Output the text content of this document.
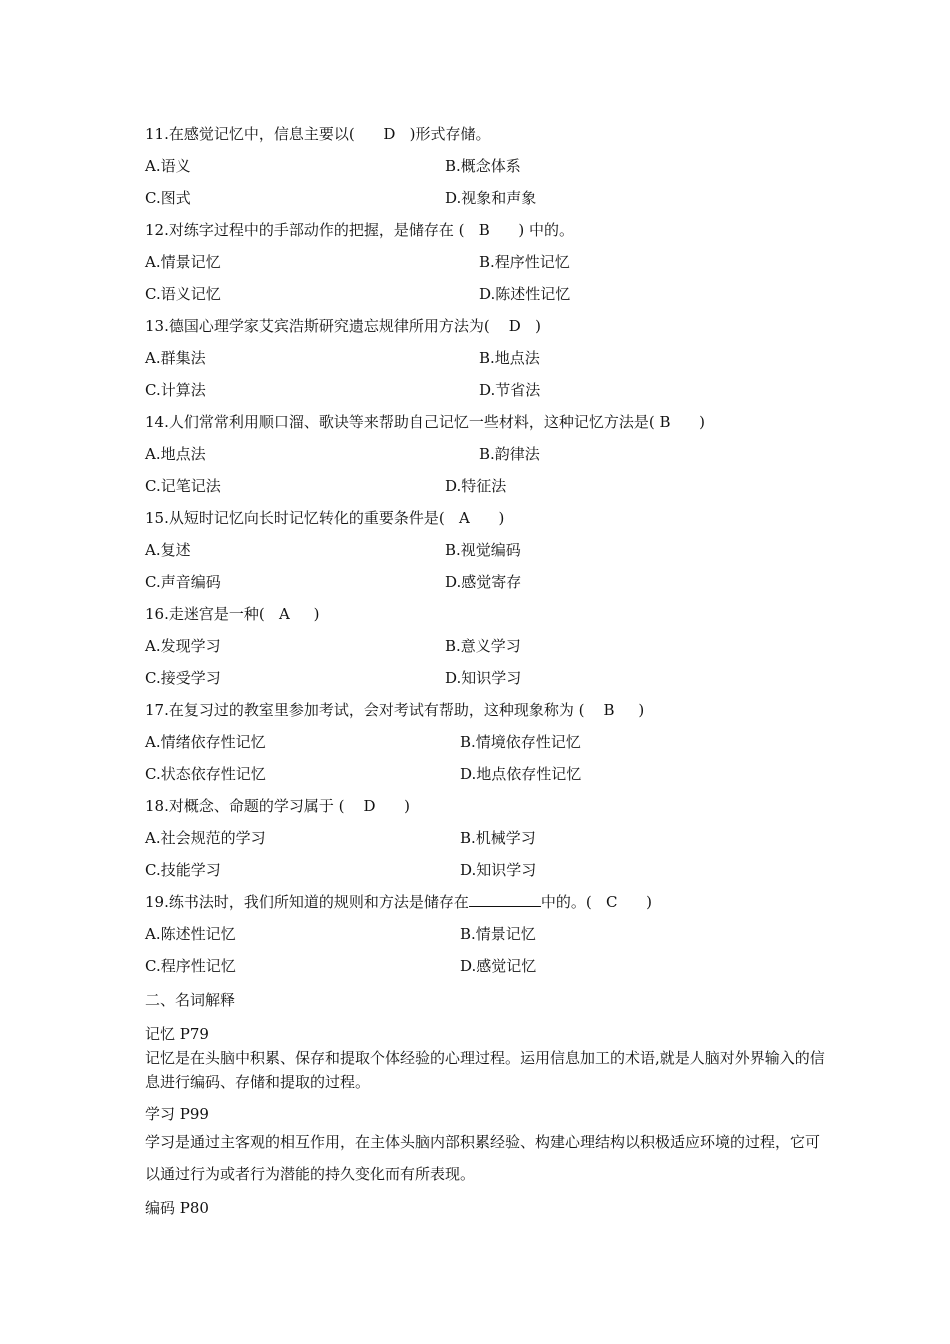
11.在感觉记忆中，信息主要以(      D   )形式存储。
A.语义	B.概念体系
C.图式	D.视象和声象
12.对练字过程中的手部动作的把握，是储存在 (   B      ) 中的。
A.情景记忆	B.程序性记忆
C.语义记忆	D.陈述性记忆
13.德国心理学家艾宾浩斯研究遗忘规律所用方法为(    D   )
A.群集法	B.地点法
C.计算法	D.节省法
14.人们常常利用顺口溜、歌诀等来帮助自己记忆一些材料，这种记忆方法是( B      )
A.地点法	B.韵律法
C.记笔记法	D.特征法
15.从短时记忆向长时记忆转化的重要条件是(   A      )
A.复述	B.视觉编码
C.声音编码	D.感觉寄存
16.走迷宫是一种(   A     )
A.发现学习	B.意义学习
C.接受学习	D.知识学习
17.在复习过的教室里参加考试，会对考试有帮助，这种现象称为 (    B     )
A.情绪依存性记忆	B.情境依存性记忆
C.状态依存性记忆	D.地点依存性记忆
18.对概念、命题的学习属于 (    D      )
A.社会规范的学习	B.机械学习
C.技能学习	D.知识学习
19.练书法时，我们所知道的规则和方法是储存在	中的。(   C      )
A.陈述性记忆	B.情景记忆
C.程序性记忆	D.感觉记忆
二、名词解释
记忆 P79
记忆是在头脑中积累、保存和提取个体经验的心理过程。运用信息加工的术语,就是人脑对外界输入的信息进行编码、存储和提取的过程。
学习 P99
学习是通过主客观的相互作用，在主体头脑内部积累经验、构建心理结构以积极适应环境的过程，它可以通过行为或者行为潜能的持久变化而有所表现。
编码 P80
